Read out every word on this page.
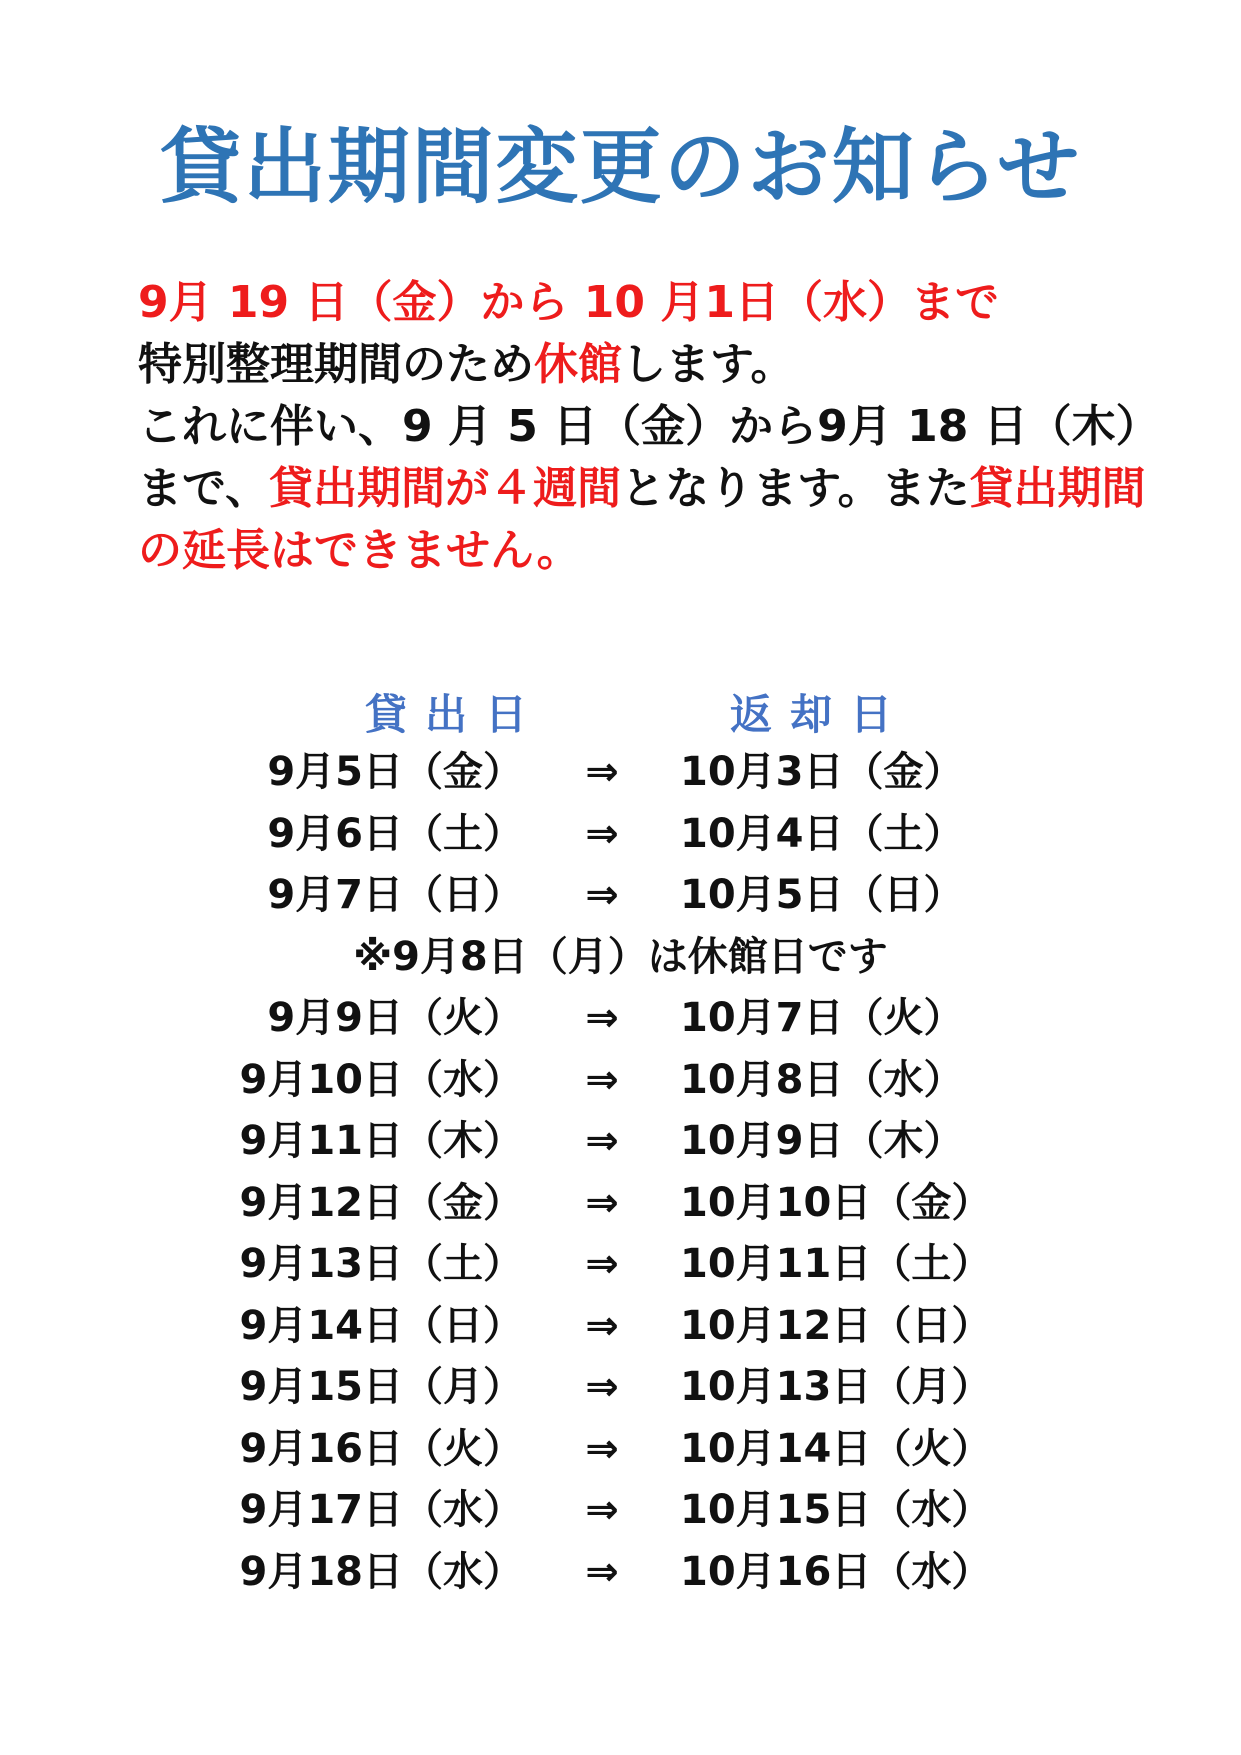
貸出期間変更のお知らせ
9月 19 日（金）から 10 月1日（水）まで
特別整理期間のため休館します。
これに伴い、9 月 5 日（金）から9月 18 日（木）
まで、貸出期間が４週間となります。また貸出期間
の延長はできません。
貸出日	返却日
9月5日（金） ⇒ 10月3日（金）
9月6日（土） ⇒ 10月4日（土）
9月7日（日） ⇒ 10月5日（日）
※9月8日（月）は休館日です
9月9日（火） ⇒ 10月7日（火）
9月10日（水） ⇒ 10月8日（水）
9月11日（木） ⇒ 10月9日（木）
9月12日（金） ⇒ 10月10日（金）
9月13日（土） ⇒ 10月11日（土）
9月14日（日） ⇒ 10月12日（日）
9月15日（月） ⇒ 10月13日（月）
9月16日（火） ⇒ 10月14日（火）
9月17日（水） ⇒ 10月15日（水）
9月18日（水） ⇒ 10月16日（水）
